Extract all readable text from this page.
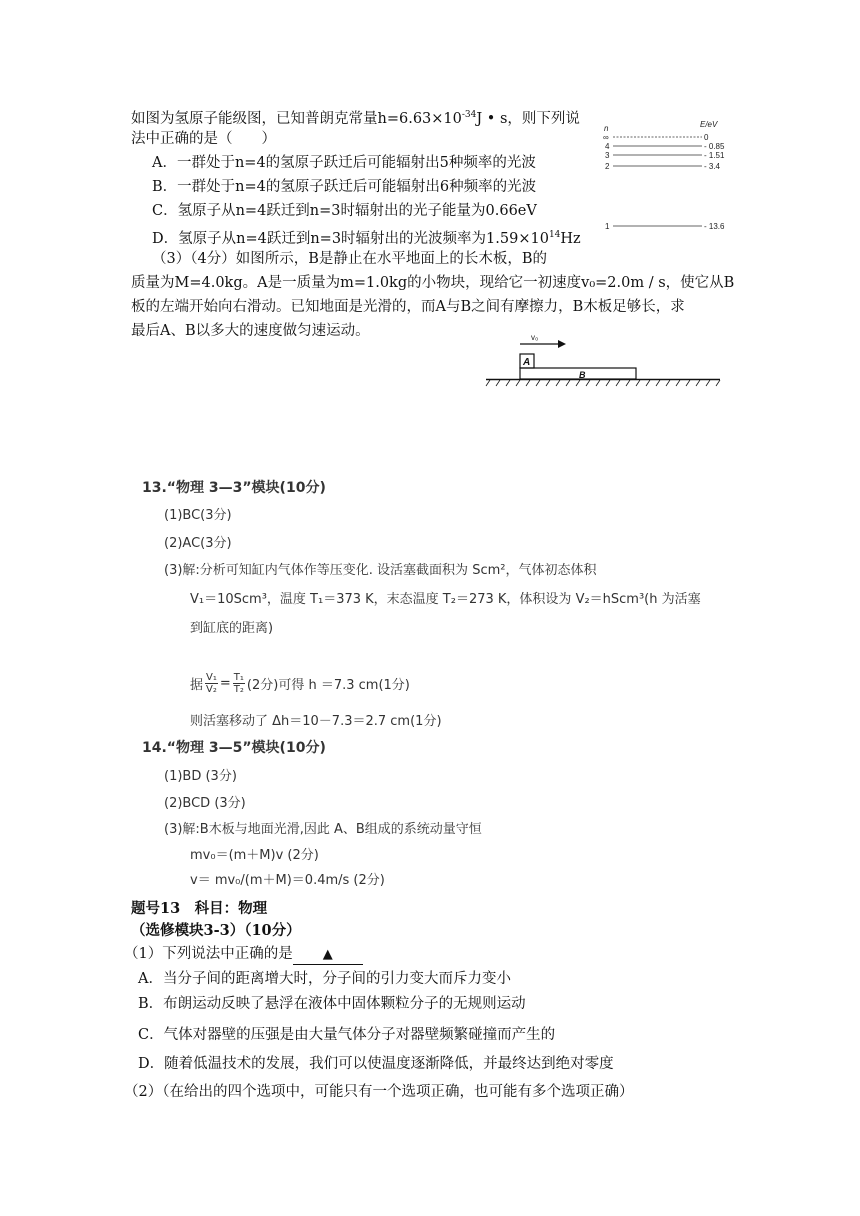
如图为氢原子能级图，已知普朗克常量$h=6.63\times 10^{-34}J$ • s，则下列说
法中正确的是（　　）
A．一群处于n=4的氢原子跃迁后可能辐射出5种频率的光波
B．一群处于n=4的氢原子跃迁后可能辐射出6种频率的光波
C．氢原子从n=4跃迁到n=3时辐射出的光子能量为0.66eV
D．氢原子从n=4跃迁到n=3时辐射出的光波频率为$1.59\times 10^{14}Hz$
n	E/eV
∞	0
4	- 0.85
3	- 1.51
2	- 3.4
1	- 13.6
（3）（4分）如图所示，B是静止在水平地面上的长木板，B的
质量为M=4.0kg。A是一质量为m=1.0kg的小物块，现给它一初速度v₀=2.0m / s，使它从B
板的左端开始向右滑动。已知地面是光滑的，而A与B之间有摩擦力，B木板足够长，求
最后A、B以多大的速度做匀速运动。	v₀
A
B
13.“物理 3—3”模块(10分)
(1)BC(3分)
(2)AC(3分)
(3)解:分析可知缸内气体作等压变化. 设活塞截面积为 Scm²，气体初态体积
V₁＝10Scm³，温度 T₁＝373 K，末态温度 T₂＝273 K，体积设为 V₂＝hScm³(h 为活塞
到缸底的距离)
据 $\frac{\text{V₁}}{\text{V₂}} = \frac{\text{T₁}}{\text{T₂}} (2$分)可得 h ＝7.3 cm(1分)
则活塞移动了 Δh＝10－7.3＝2.7 cm(1分)
14.“物理 3—5”模块(10分)
(1)BD (3分)
(2)BCD (3分)
(3)解:B木板与地面光滑,因此 A、B组成的系统动量守恒
mv₀＝(m＋M)v (2分)
v＝ mv₀/(m＋M)＝0.4m/s (2分)
题号13　科目：物理
（选修模块3-3）（10分）
（1）下列说法中正确的是 ▲
A．当分子间的距离增大时，分子间的引力变大而斥力变小
B．布朗运动反映了悬浮在液体中固体颗粒分子的无规则运动
C．气体对器壁的压强是由大量气体分子对器壁频繁碰撞而产生的
D．随着低温技术的发展，我们可以使温度逐渐降低，并最终达到绝对零度
（2）（在给出的四个选项中，可能只有一个选项正确，也可能有多个选项正确）
